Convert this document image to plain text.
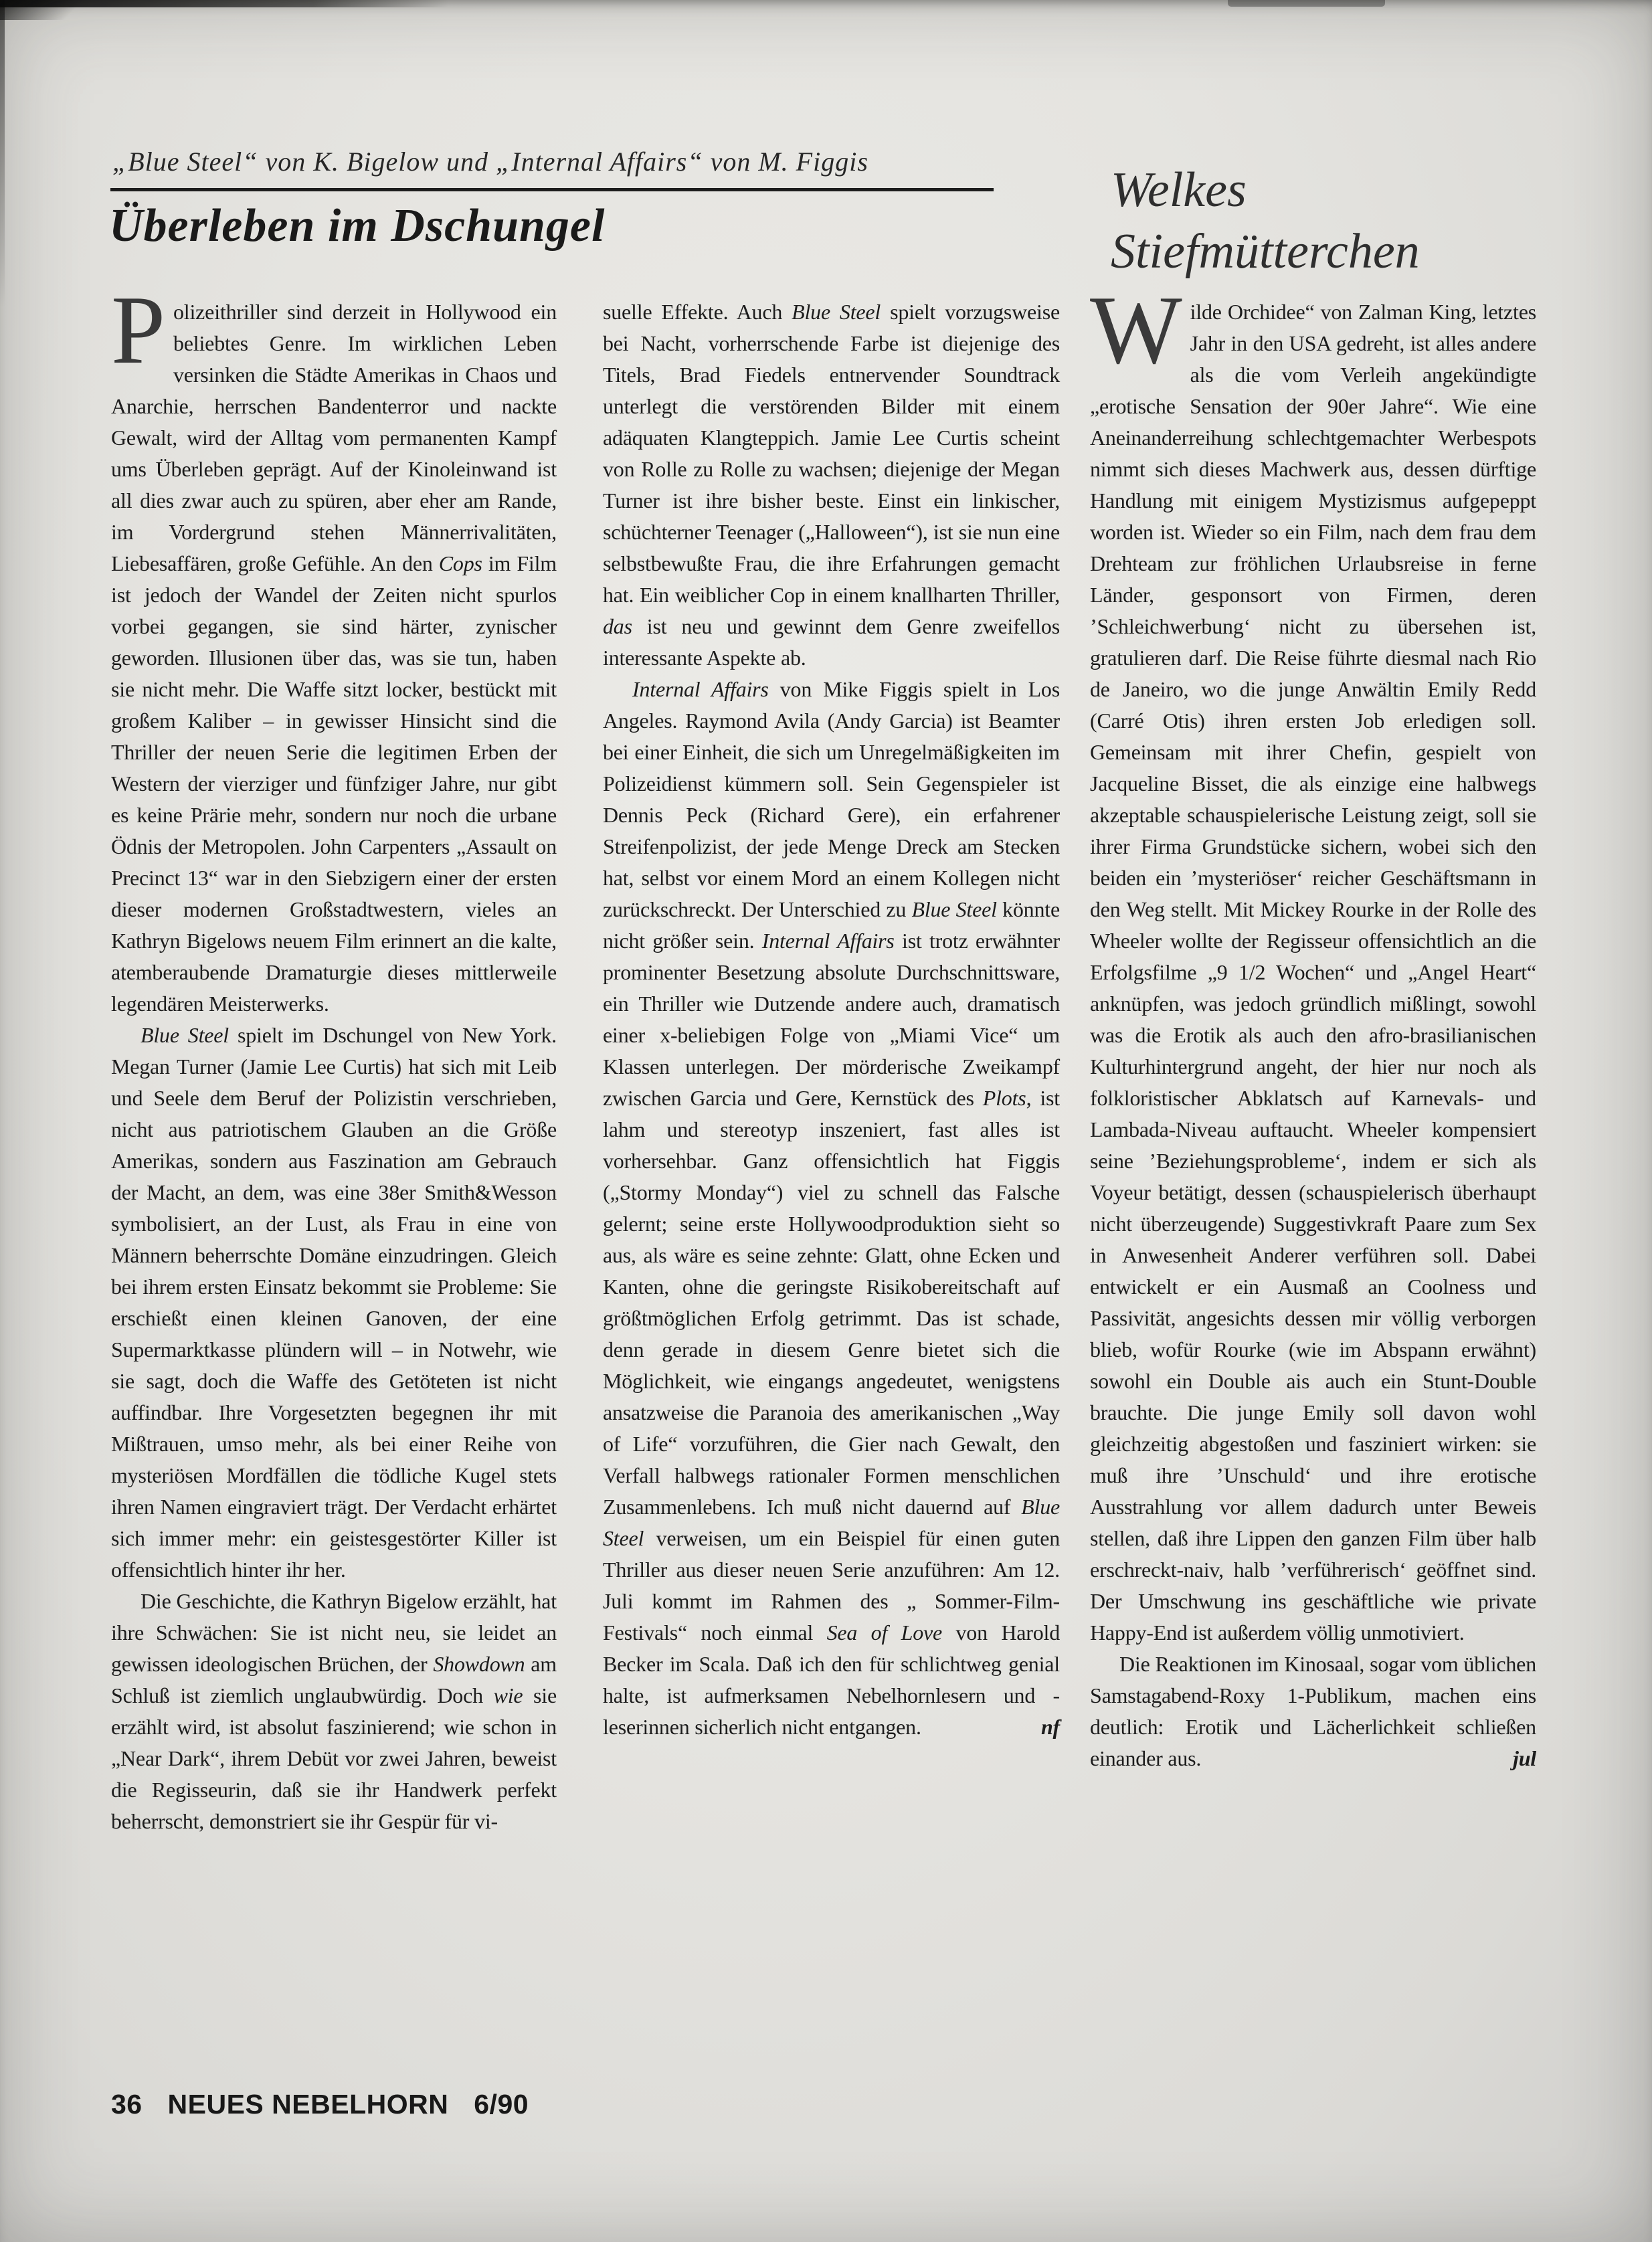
„Blue Steel“ von K. Bigelow und „Internal Affairs“ von M. Figgis
Überleben im Dschungel
Welkes
Stiefmütterchen

Polizeithriller sind derzeit in Hollywood ein beliebtes Genre. Im wirklichen Leben versinken die Städte Amerikas in Chaos und Anarchie, herrschen Bandenterror und nackte Gewalt, wird der Alltag vom permanenten Kampf ums Überleben geprägt. Auf der Kinoleinwand ist all dies zwar auch zu spüren, aber eher am Rande, im Vordergrund stehen Männerrivalitäten, Liebesaffären, große Gefühle. An den Cops im Film ist jedoch der Wandel der Zeiten nicht spurlos vorbei gegangen, sie sind härter, zynischer geworden. Illusionen über das, was sie tun, haben sie nicht mehr. Die Waffe sitzt locker, bestückt mit großem Kaliber – in gewisser Hinsicht sind die Thriller der neuen Serie die legitimen Erben der Western der vierziger und fünfziger Jahre, nur gibt es keine Prärie mehr, sondern nur noch die urbane Ödnis der Metropolen. John Carpenters „Assault on Precinct 13“ war in den Siebzigern einer der ersten dieser modernen Großstadtwestern, vieles an Kathryn Bigelows neuem Film erinnert an die kalte, atemberaubende Dramaturgie dieses mittlerweile legendären Meisterwerks.

Blue Steel spielt im Dschungel von New York. Megan Turner (Jamie Lee Curtis) hat sich mit Leib und Seele dem Beruf der Polizistin verschrieben, nicht aus patriotischem Glauben an die Größe Amerikas, sondern aus Faszination am Gebrauch der Macht, an dem, was eine 38er Smith&Wesson symbolisiert, an der Lust, als Frau in eine von Männern beherrschte Domäne einzudringen. Gleich bei ihrem ersten Einsatz bekommt sie Probleme: Sie erschießt einen kleinen Ganoven, der eine Supermarktkasse plündern will – in Notwehr, wie sie sagt, doch die Waffe des Getöteten ist nicht auffindbar. Ihre Vorgesetzten begegnen ihr mit Mißtrauen, umso mehr, als bei einer Reihe von mysteriösen Mordfällen die tödliche Kugel stets ihren Namen eingraviert trägt. Der Verdacht erhärtet sich immer mehr: ein geistesgestörter Killer ist offensichtlich hinter ihr her.

Die Geschichte, die Kathryn Bigelow erzählt, hat ihre Schwächen: Sie ist nicht neu, sie leidet an gewissen ideologischen Brüchen, der Showdown am Schluß ist ziemlich unglaubwürdig. Doch wie sie erzählt wird, ist absolut faszinierend; wie schon in „Near Dark“, ihrem Debüt vor zwei Jahren, beweist die Regisseurin, daß sie ihr Handwerk perfekt beherrscht, demonstriert sie ihr Gespür für vi-

suelle Effekte. Auch Blue Steel spielt vorzugsweise bei Nacht, vorherrschende Farbe ist diejenige des Titels, Brad Fiedels entnervender Soundtrack unterlegt die verstörenden Bilder mit einem adäquaten Klangteppich. Jamie Lee Curtis scheint von Rolle zu Rolle zu wachsen; diejenige der Megan Turner ist ihre bisher beste. Einst ein linkischer, schüchterner Teenager („Halloween“), ist sie nun eine selbstbewußte Frau, die ihre Erfahrungen gemacht hat. Ein weiblicher Cop in einem knallharten Thriller, das ist neu und gewinnt dem Genre zweifellos interessante Aspekte ab.

Internal Affairs von Mike Figgis spielt in Los Angeles. Raymond Avila (Andy Garcia) ist Beamter bei einer Einheit, die sich um Unregelmäßigkeiten im Polizeidienst kümmern soll. Sein Gegenspieler ist Dennis Peck (Richard Gere), ein erfahrener Streifenpolizist, der jede Menge Dreck am Stecken hat, selbst vor einem Mord an einem Kollegen nicht zurückschreckt. Der Unterschied zu Blue Steel könnte nicht größer sein. Internal Affairs ist trotz erwähnter prominenter Besetzung absolute Durchschnittsware, ein Thriller wie Dutzende andere auch, dramatisch einer x-beliebigen Folge von „Miami Vice“ um Klassen unterlegen. Der mörderische Zweikampf zwischen Garcia und Gere, Kernstück des Plots, ist lahm und stereotyp inszeniert, fast alles ist vorhersehbar. Ganz offensichtlich hat Figgis („Stormy Monday“) viel zu schnell das Falsche gelernt; seine erste Hollywoodproduktion sieht so aus, als wäre es seine zehnte: Glatt, ohne Ecken und Kanten, ohne die geringste Risikobereitschaft auf größtmöglichen Erfolg getrimmt. Das ist schade, denn gerade in diesem Genre bietet sich die Möglichkeit, wie eingangs angedeutet, wenigstens ansatzweise die Paranoia des amerikanischen „Way of Life“ vorzuführen, die Gier nach Gewalt, den Verfall halbwegs rationaler Formen menschlichen Zusammenlebens. Ich muß nicht dauernd auf Blue Steel verweisen, um ein Beispiel für einen guten Thriller aus dieser neuen Serie anzuführen: Am 12. Juli kommt im Rahmen des „ Sommer-Film-Festivals“ noch einmal Sea of Love von Harold Becker im Scala. Daß ich den für schlichtweg genial halte, ist aufmerksamen Nebelhornlesern und -leserinnen sicherlich nicht entgangen.	nf

Wilde Orchidee“ von Zalman King, letztes Jahr in den USA gedreht, ist alles andere als die vom Verleih angekündigte „erotische Sensation der 90er Jahre“. Wie eine Aneinanderreihung schlechtgemachter Werbespots nimmt sich dieses Machwerk aus, dessen dürftige Handlung mit einigem Mystizismus aufgepeppt worden ist. Wieder so ein Film, nach dem frau dem Drehteam zur fröhlichen Urlaubsreise in ferne Länder, gesponsort von Firmen, deren ’Schleichwerbung‘ nicht zu übersehen ist, gratulieren darf. Die Reise führte diesmal nach Rio de Janeiro, wo die junge Anwältin Emily Redd (Carré Otis) ihren ersten Job erledigen soll. Gemeinsam mit ihrer Chefin, gespielt von Jacqueline Bisset, die als einzige eine halbwegs akzeptable schauspielerische Leistung zeigt, soll sie ihrer Firma Grundstücke sichern, wobei sich den beiden ein ’mysteriöser‘ reicher Geschäftsmann in den Weg stellt. Mit Mickey Rourke in der Rolle des Wheeler wollte der Regisseur offensichtlich an die Erfolgsfilme „9 1/2 Wochen“ und „Angel Heart“ anknüpfen, was jedoch gründlich mißlingt, sowohl was die Erotik als auch den afro-brasilianischen Kulturhintergrund angeht, der hier nur noch als folkloristischer Abklatsch auf Karnevals- und Lambada-Niveau auftaucht. Wheeler kompensiert seine ’Beziehungsprobleme‘, indem er sich als Voyeur betätigt, dessen (schauspielerisch überhaupt nicht überzeugende) Suggestivkraft Paare zum Sex in Anwesenheit Anderer verführen soll. Dabei entwickelt er ein Ausmaß an Coolness und Passivität, angesichts dessen mir völlig verborgen blieb, wofür Rourke (wie im Abspann erwähnt) sowohl ein Double ais auch ein Stunt-Double brauchte. Die junge Emily soll davon wohl gleichzeitig abgestoßen und fasziniert wirken: sie muß ihre ’Unschuld‘ und ihre erotische Ausstrahlung vor allem dadurch unter Beweis stellen, daß ihre Lippen den ganzen Film über halb erschreckt-naiv, halb ’verführerisch‘ geöffnet sind. Der Umschwung ins geschäftliche wie private Happy-End ist außerdem völlig unmotiviert.

Die Reaktionen im Kinosaal, sogar vom üblichen Samstagabend-Roxy 1-Publikum, machen eins deutlich: Erotik und Lächerlichkeit schließen einander aus.	jul

36 NEUES NEBELHORN 6/90
